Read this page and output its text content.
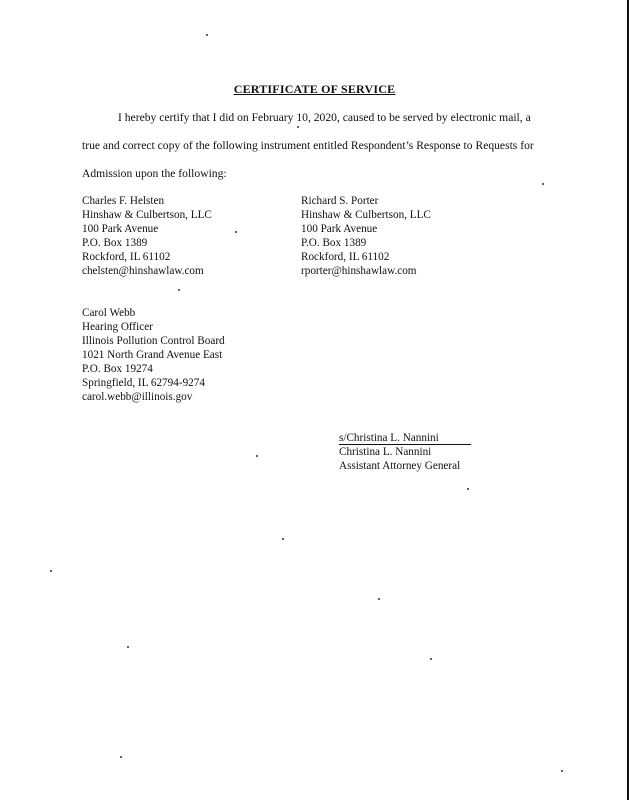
CERTIFICATE OF SERVICE
I hereby certify that I did on February 10, 2020, caused to be served by electronic mail, a
true and correct copy of the following instrument entitled Respondent’s Response to Requests for
Admission upon the following:
Charles F. Helsten
Hinshaw & Culbertson, LLC
100 Park Avenue
P.O. Box 1389
Rockford, IL 61102
chelsten@hinshawlaw.com
Richard S. Porter
Hinshaw & Culbertson, LLC
100 Park Avenue
P.O. Box 1389
Rockford, IL 61102
rporter@hinshawlaw.com
Carol Webb
Hearing Officer
Illinois Pollution Control Board
1021 North Grand Avenue East
P.O. Box 19274
Springfield, IL 62794-9274
carol.webb@illinois.gov
s/Christina L. Nannini
Christina L. Nannini
Assistant Attorney General
